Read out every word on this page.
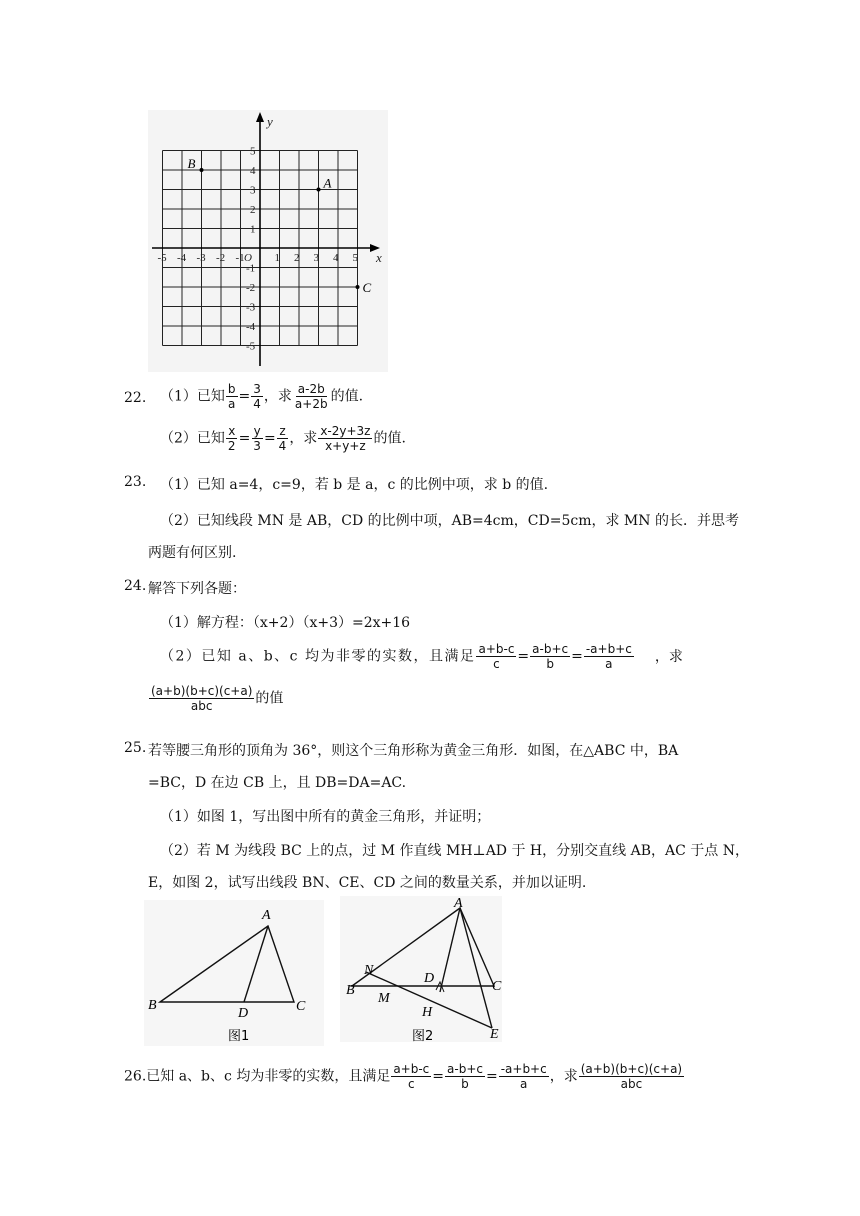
-5 -4 -3 -2 -1	1 2 3 4 5
5
4
3
2
1
-1
-2
-3
-4
-5
O	x
y
A
B
C
22. （1）已知 $\frac{b}{a} = \frac{3}{4}$ ，求 $\frac{a-2b}{a+2b}$ 的值.
（2）已知 $\frac{x}{2} = \frac{y}{3} = \frac{z}{4}$ ，求 $\frac{x-2y+3z}{x+y+z}$ 的值.
23. （1）已知 a=4，c=9，若 b 是 a，c 的比例中项，求 b 的值.
（2）已知线段 MN 是 AB，CD 的比例中项，AB=4cm，CD=5cm，求 MN 的长．并思考
两题有何区别.
24. 解答下列各题：
（1）解方程：（x+2）（x+3）=2x+16
（2）已知 a、b、c 均为非零的实数，且满足 $\frac{a+b-c}{c} = \frac{a-b+c}{b} = \frac{-a+b+c}{a}$ ，求
$\frac{(a+b)(b+c)(c+a)}{\text{abc}}$ 的值
25. 若等腰三角形的顶角为 36°，则这个三角形称为黄金三角形．如图，在△ABC 中，BA
=BC，D 在边 CB 上，且 DB=DA=AC.
（1）如图 1，写出图中所有的黄金三角形，并证明；
（2）若 M 为线段 BC 上的点，过 M 作直线 MH⊥AD 于 H，分别交直线 AB，AC 于点 N，
E，如图 2，试写出线段 BN、CE、CD 之间的数量关系，并加以证明.
A
B	C
D
图1
A
B	C
D
N
M
H
E
图2
26.已知 a、b、c 均为非零的实数，且满足 $\frac{a+b-c}{c} = \frac{a-b+c}{b} = \frac{-a+b+c}{a}$ ，求 $\frac{(a+b)(b+c)(c+a)}{\text{abc}}$
